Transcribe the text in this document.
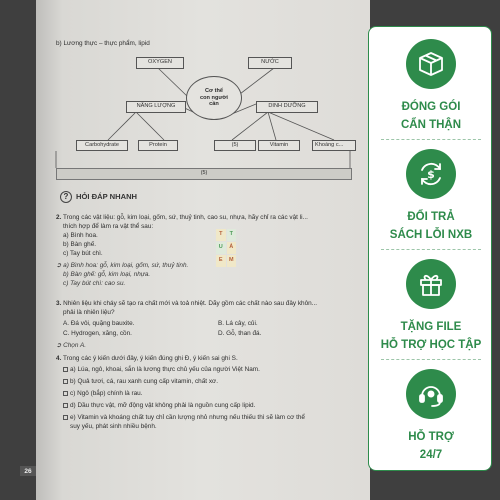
b) Lương thực – thực phẩm, lipid
OXYGEN	NƯỚC
Cơ thể
con người
cần
NĂNG LƯỢNG	DINH DƯỠNG
Carbohydrate	Protein	(5)	Vitamin	Khoáng c...
(5)
? HỎI ĐÁP NHANH
2. Trong các vật liệu: gỗ, kim loại, gốm, sứ, thuỷ tinh, cao su, nhựa, hãy chỉ ra các vật li...
thích hợp để làm ra vật thể sau:
a) Bình hoa.
b) Bàn ghế.
c) Tay bút chì.
➲ a) Bình hoa: gỗ, kim loại, gốm, sứ, thuỷ tinh.
b) Bàn ghế: gỗ, kim loại, nhựa.
c) Tay bút chì: cao su.
T	T
U	Ả
E	M
3. Nhiên liệu khi cháy sẽ tạo ra chất mới và toả nhiệt. Dãy gồm các chất nào sau đây khôn...
phải là nhiên liệu?
A. Đá vôi, quặng bauxite.	B. Lá cây, củi.
C. Hydrogen, xăng, cồn.	D. Gỗ, than đá.
➲ Chọn A.
4. Trong các ý kiến dưới đây, ý kiến đúng ghi Đ, ý kiến sai ghi S.
a) Lúa, ngô, khoai, sắn là lương thực chủ yếu của người Việt Nam.
b) Quả tươi, cá, rau xanh cung cấp vitamin, chất xơ.
c) Ngô (bắp) chính là rau.
d) Dầu thực vật, mỡ động vật không phải là nguồn cung cấp lipid.
e) Vitamin và khoáng chất tuy chỉ cần lượng nhỏ nhưng nếu thiếu thì sẽ làm cơ thể
suy yếu, phát sinh nhiều bệnh.
26
ĐÓNG GÓI
CẨN THẬN
$
ĐỔI TRẢ
SÁCH LỖI NXB
TẶNG FILE
HỖ TRỢ HỌC TẬP
HỖ TRỢ
24/7
